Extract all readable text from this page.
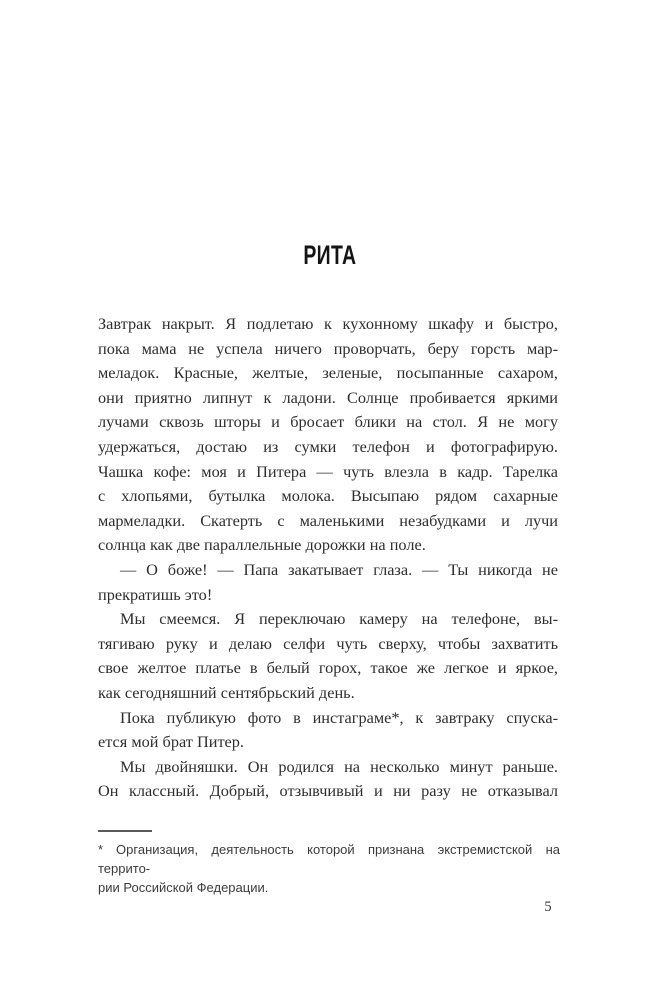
РИТА
Завтрак накрыт. Я подлетаю к кухонному шкафу и быстро,
пока мама не успела ничего проворчать, беру горсть мар-
меладок. Красные, желтые, зеленые, посыпанные сахаром,
они приятно липнут к ладони. Солнце пробивается яркими
лучами сквозь шторы и бросает блики на стол. Я не могу
удержаться, достаю из сумки телефон и фотографирую.
Чашка кофе: моя и Питера — чуть влезла в кадр. Тарелка
с хлопьями, бутылка молока. Высыпаю рядом сахарные
мармеладки. Скатерть с маленькими незабудками и лучи
солнца как две параллельные дорожки на поле.
— О боже! — Папа закатывает глаза. — Ты никогда не
прекратишь это!
Мы смеемся. Я переключаю камеру на телефоне, вы-
тягиваю руку и делаю селфи чуть сверху, чтобы захватить
свое желтое платье в белый горох, такое же легкое и яркое,
как сегодняшний сентябрьский день.
Пока публикую фото в инстаграме*, к завтраку спуска-
ется мой брат Питер.
Мы двойняшки. Он родился на несколько минут раньше.
Он классный. Добрый, отзывчивый и ни разу не отказывал
*  Организация, деятельность которой признана экстремистской на террито-
рии Российской Федерации.
5
